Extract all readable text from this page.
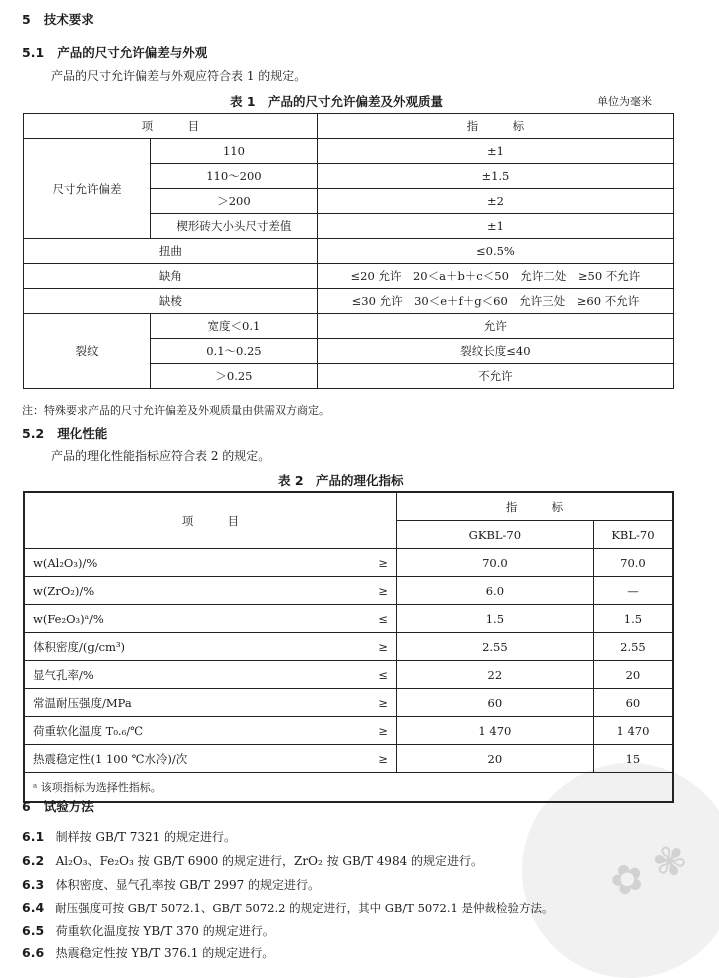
✿ ✾
5 技术要求
5.1 产品的尺寸允许偏差与外观
产品的尺寸允许偏差与外观应符合表 1 的规定。
表 1　产品的尺寸允许偏差及外观质量	单位为毫米
项　　　目		指　　　标
尺寸允许偏差	110	±1
	110～200	±1.5
	＞200	±2
	楔形砖大小头尺寸差值	±1
扭曲		≤0.5%
缺角		≤20 允许　20＜a＋b＋c＜50　允许二处　≥50 不允许
缺棱		≤30 允许　30＜e＋f＋g＜60　允许三处　≥60 不允许
裂纹	宽度＜0.1	允许
	0.1～0.25	裂纹长度≤40
	＞0.25	不允许
注：特殊要求产品的尺寸允许偏差及外观质量由供需双方商定。
5.2 理化性能
产品的理化性能指标应符合表 2 的规定。
表 2　产品的理化指标
项　　　目		指　　　标	
		GKBL-70	KBL-70
w(Al₂O₃)/%	≥	70.0	70.0
w(ZrO₂)/%	≥	6.0	—
w(Fe₂O₃)ᵃ/%	≤	1.5	1.5
体积密度/(g/cm³)	≥	2.55	2.55
显气孔率/%	≤	22	20
常温耐压强度/MPa	≥	60	60
荷重软化温度 T₀.₆/℃	≥	1 470	1 470
热震稳定性(1 100 ℃水冷)/次	≥	20	15
ᵃ 该项指标为选择性指标。			
6 试验方法
6.1 制样按 GB/T 7321 的规定进行。
6.2 Al₂O₃、Fe₂O₃ 按 GB/T 6900 的规定进行，ZrO₂ 按 GB/T 4984 的规定进行。
6.3 体积密度、显气孔率按 GB/T 2997 的规定进行。
6.4 耐压强度可按 GB/T 5072.1、GB/T 5072.2 的规定进行，其中 GB/T 5072.1 是仲裁检验方法。
6.5 荷重软化温度按 YB/T 370 的规定进行。
6.6 热震稳定性按 YB/T 376.1 的规定进行。
